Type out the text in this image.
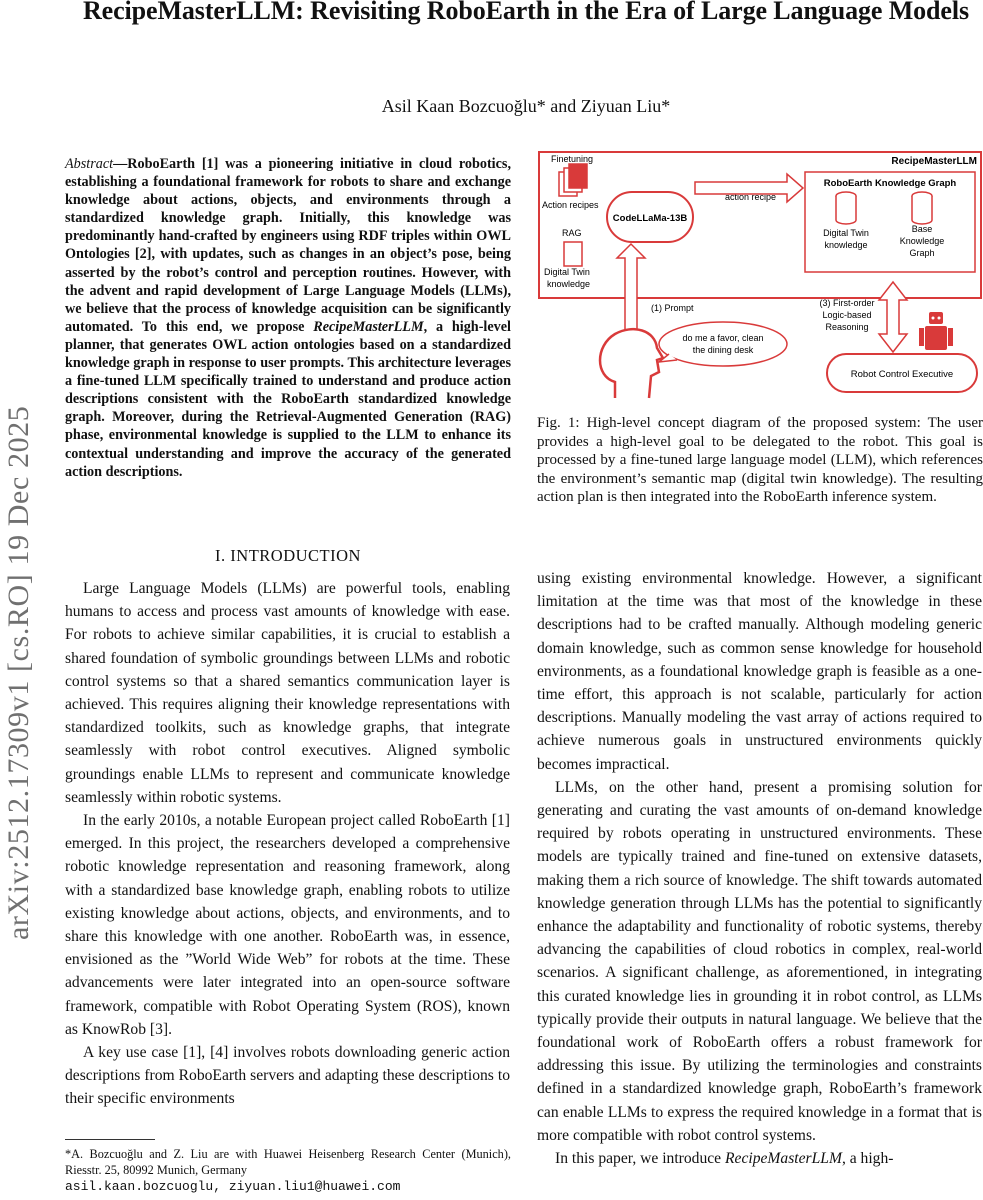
RecipeMasterLLM: Revisiting RoboEarth in the Era of Large Language Models
Asil Kaan Bozcuoğlu* and Ziyuan Liu*
arXiv:2512.17309v1 [cs.RO] 19 Dec 2025
Abstract—RoboEarth [1] was a pioneering initiative in cloud robotics, establishing a foundational framework for robots to share and exchange knowledge about actions, objects, and environments through a standardized knowledge graph. Initially, this knowledge was predominantly hand-crafted by engineers using RDF triples within OWL Ontologies [2], with updates, such as changes in an object’s pose, being asserted by the robot’s control and perception routines. However, with the advent and rapid development of Large Language Models (LLMs), we believe that the process of knowledge acquisition can be significantly automated. To this end, we propose RecipeMasterLLM, a high-level planner, that generates OWL action ontologies based on a standardized knowledge graph in response to user prompts. This architecture leverages a fine-tuned LLM specifically trained to understand and produce action descriptions consistent with the RoboEarth standardized knowledge graph. Moreover, during the Retrieval-Augmented Generation (RAG) phase, environmental knowledge is supplied to the LLM to enhance its contextual understanding and improve the accuracy of the generated action descriptions.
I. INTRODUCTION

Large Language Models (LLMs) are powerful tools, enabling humans to access and process vast amounts of knowledge with ease. For robots to achieve similar capabilities, it is crucial to establish a shared foundation of symbolic groundings between LLMs and robotic control systems so that a shared semantics communication layer is achieved. This requires aligning their knowledge representations with standardized toolkits, such as knowledge graphs, that integrate seamlessly with robot control executives. Aligned symbolic groundings enable LLMs to represent and communicate knowledge seamlessly within robotic systems.

In the early 2010s, a notable European project called RoboEarth [1] emerged. In this project, the researchers developed a comprehensive robotic knowledge representation and reasoning framework, along with a standardized base knowledge graph, enabling robots to utilize existing knowledge about actions, objects, and environments, and to share this knowledge with one another. RoboEarth was, in essence, envisioned as the ”World Wide Web” for robots at the time. These advancements were later integrated into an open-source software framework, compatible with Robot Operating System (ROS), known as KnowRob [3].

A key use case [1], [4] involves robots downloading generic action descriptions from RoboEarth servers and adapting these descriptions to their specific environments

*A. Bozcuoğlu and Z. Liu are with Huawei Heisenberg Research Center (Munich), Riesstr. 25, 80992 Munich, Germany
asil.kaan.bozcuoglu, ziyuan.liu1@huawei.com
RecipeMasterLLM
Finetuning
Action recipes
RAG
Digital Twin
knowledge
CodeLLaMa-13B
action recipe
RoboEarth Knowledge Graph
Digital Twin
knowledge
Base
Knowledge
Graph
(1) Prompt
do me a favor, clean
the dining desk
(3) First-order
Logic-based
Reasoning
Robot Control Executive
Fig. 1: High-level concept diagram of the proposed system: The user provides a high-level goal to be delegated to the robot. This goal is processed by a fine-tuned large language model (LLM), which references the environment’s semantic map (digital twin knowledge). The resulting action plan is then integrated into the RoboEarth inference system.

using existing environmental knowledge. However, a significant limitation at the time was that most of the knowledge in these descriptions had to be crafted manually. Although modeling generic domain knowledge, such as common sense knowledge for household environments, as a foundational knowledge graph is feasible as a one-time effort, this approach is not scalable, particularly for action descriptions. Manually modeling the vast array of actions required to achieve numerous goals in unstructured environments quickly becomes impractical.

LLMs, on the other hand, present a promising solution for generating and curating the vast amounts of on-demand knowledge required by robots operating in unstructured environments. These models are typically trained and fine-tuned on extensive datasets, making them a rich source of knowledge. The shift towards automated knowledge generation through LLMs has the potential to significantly enhance the adaptability and functionality of robotic systems, thereby advancing the capabilities of cloud robotics in complex, real-world scenarios. A significant challenge, as aforementioned, in integrating this curated knowledge lies in grounding it in robot control, as LLMs typically provide their outputs in natural language. We believe that the foundational work of RoboEarth offers a robust framework for addressing this issue. By utilizing the terminologies and constraints defined in a standardized knowledge graph, RoboEarth’s framework can enable LLMs to express the required knowledge in a format that is more compatible with robot control systems.

In this paper, we introduce RecipeMasterLLM, a high-
